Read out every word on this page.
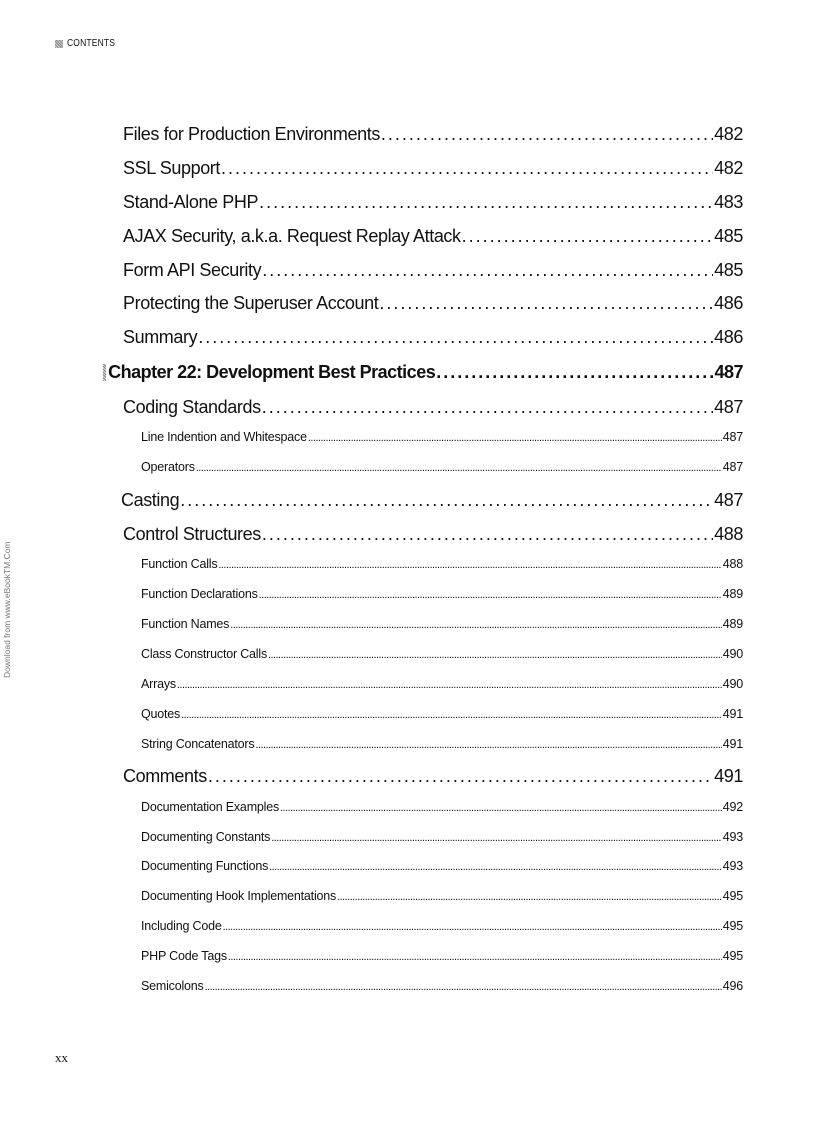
CONTENTS
Files for Production Environments . . .	482
SSL Support . . .	482
Stand-Alone PHP . . .	483
AJAX Security, a.k.a. Request Replay Attack . . .	485
Form API Security . . .	485
Protecting the Superuser Account . . .	486
Summary . . .	486
Chapter 22: Development Best Practices . . .	487
Coding Standards . . .	487
Line Indention and Whitespace . . .	487
Operators . . .	487
Casting . . .	487
Control Structures . . .	488
Function Calls . . .	488
Function Declarations . . .	489
Function Names . . .	489
Class Constructor Calls . . .	490
Arrays . . .	490
Quotes . . .	491
String Concatenators . . .	491
Comments . . .	491
Documentation Examples . . .	492
Documenting Constants . . .	493
Documenting Functions . . .	493
Documenting Hook Implementations . . .	495
Including Code . . .	495
PHP Code Tags . . .	495
Semicolons . . .	496
Download from www.eBookTM.Com
xx
